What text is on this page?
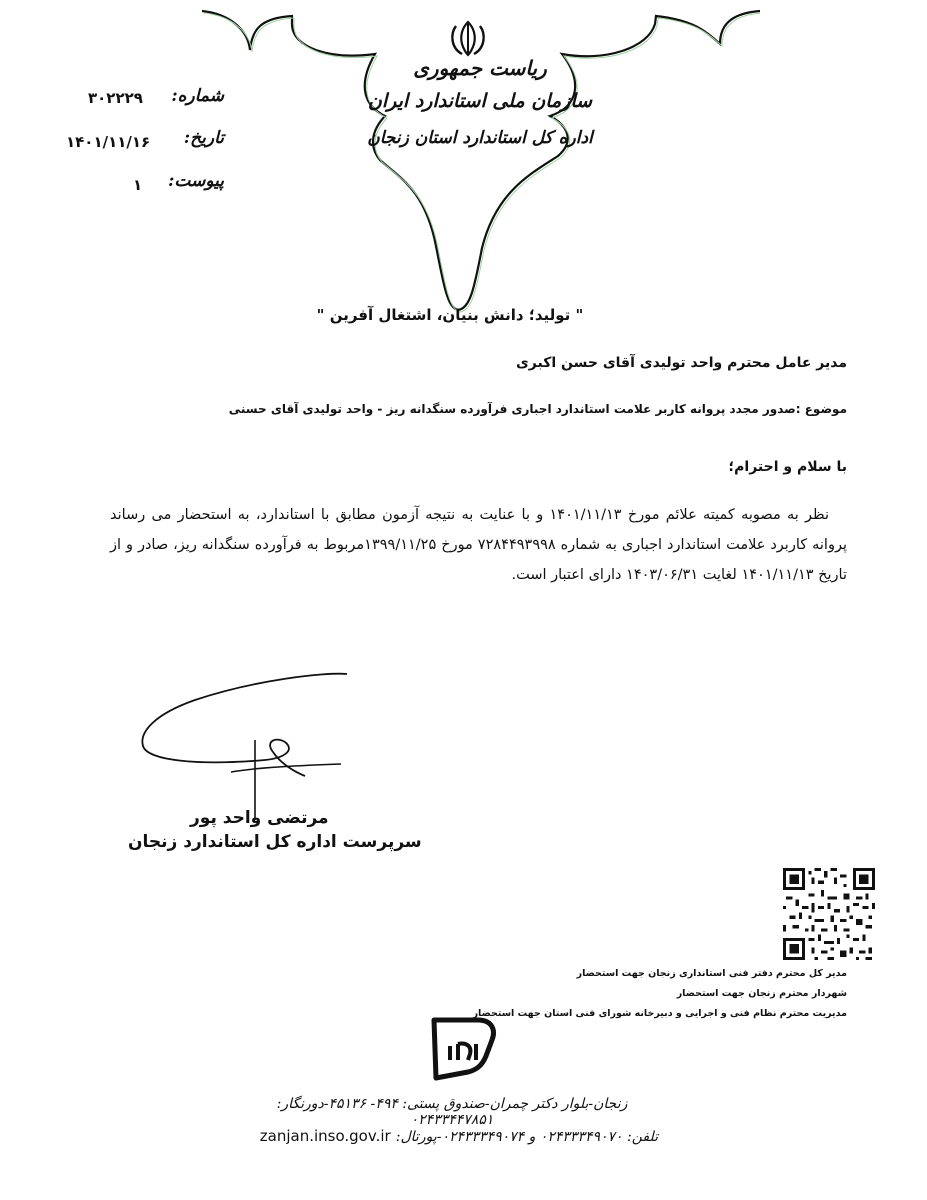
ریاست جمهوری
سازمان ملی استاندارد ایران
اداره کل استاندارد استان زنجان
شماره:
۳۰۲۲۲۹
تاریخ:
۱۴۰۱/۱۱/۱۶
پیوست:
۱
" تولید؛ دانش بنیان، اشتغال آفرین "
مدیر عامل محترم واحد تولیدی آقای حسن اکبری
موضوع :صدور مجدد پروانه کاربر علامت استاندارد اجباری فرآورده سنگدانه ریز - واحد تولیدی آقای حسنی
با سلام و احترام؛
نظر به مصوبه کمیته علائم مورخ ۱۴۰۱/۱۱/۱۳ و با عنایت به نتیجه آزمون مطابق با استاندارد، به استحضار می رساند پروانه کاربرد علامت استاندارد اجباری به شماره ۷۲۸۴۴۹۳۹۹۸ مورخ ۱۳۹۹/۱۱/۲۵مربوط به فرآورده سنگدانه ریز، صادر و از تاریخ ۱۴۰۱/۱۱/۱۳ لغایت ۱۴۰۳/۰۶/۳۱ دارای اعتبار است.
مرتضی واحد پور
سرپرست اداره کل استاندارد زنجان
مدیر کل محترم دفتر فنی استانداری زنجان جهت استحضار
شهردار محترم زنجان جهت استحضار
مدیریت محترم نظام فنی و اجرایی و دبیرخانه شورای فنی استان جهت استحضار
زنجان-بلوار دکتر چمران-صندوق پستی: ۴۹۴- ۴۵۱۳۶-دورنگار: ۰۲۴۳۳۴۴۷۸۵۱
تلفن: ۰۲۴۳۳۳۴۹۰۷۰ و ۰۲۴۳۳۳۴۹۰۷۴-پورتال: zanjan.inso.gov.ir
